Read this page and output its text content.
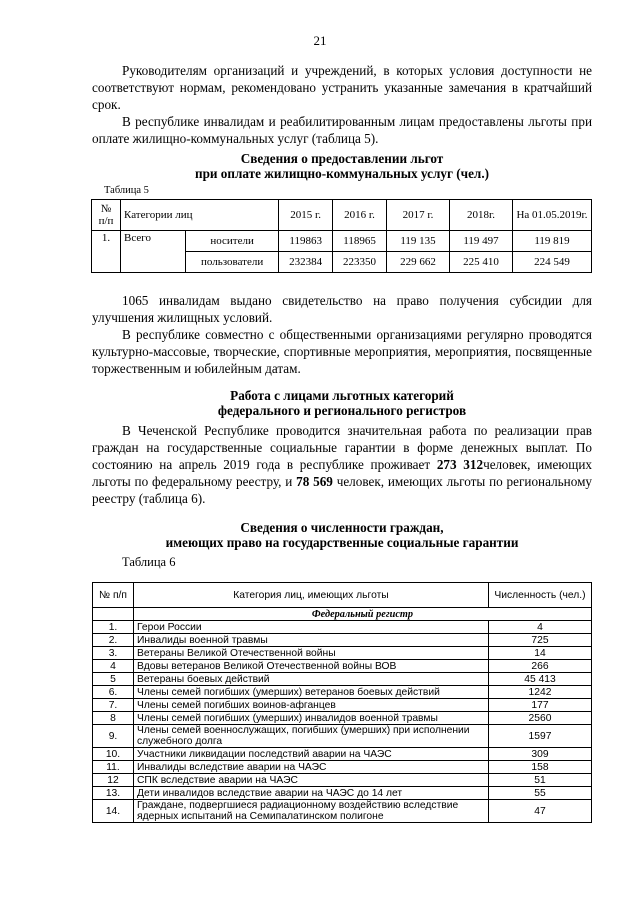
21

Руководителям организаций и учреждений, в которых условия доступности не соответствуют нормам, рекомендовано устранить указанные замечания в кратчайший срок.

В республике инвалидам и реабилитированным лицам предоставлены льготы при оплате жилищно-коммунальных услуг (таблица 5).

Сведения о предоставлении льгот
при оплате жилищно-коммунальных услуг (чел.)
Таблица 5
№ п/п	Категории лиц		2015 г.	2016 г.	2017 г.	2018г.	На 01.05.2019г.
1.	Всего	носители	119863	118965	119 135	119 497	119 819
		пользователи	232384	223350	229 662	225 410	224 549

1065 инвалидам выдано свидетельство на право получения субсидии для улучшения жилищных условий.

В республике совместно с общественными организациями регулярно проводятся культурно-массовые, творческие, спортивные мероприятия, мероприятия, посвященные торжественным и юбилейным датам.

Работа с лицами льготных категорий
федерального и регионального регистров

В Чеченской Республике проводится значительная работа по реализации прав граждан на государственные социальные гарантии в форме денежных выплат. По состоянию на апрель 2019 года в республике проживает 273 312человек, имеющих льготы по федеральному реестру, и 78 569 человек, имеющих льготы по региональному реестру (таблица 6).

Сведения о численности граждан,
имеющих право на государственные социальные гарантии
Таблица 6
№ п/п	Категория лиц, имеющих льготы	Численность (чел.)
	Федеральный регистр	
1.	Герои России	4
2.	Инвалиды военной травмы	725
3.	Ветераны Великой Отечественной войны	14
4	Вдовы ветеранов Великой Отечественной войны ВОВ	266
5	Ветераны боевых действий	45 413
6.	Члены семей погибших (умерших) ветеранов боевых действий	1242
7.	Члены семей погибших воинов-афганцев	177
8	Члены семей погибших (умерших) инвалидов военной травмы	2560
9.	Члены семей военнослужащих, погибших (умерших) при исполнении служебного долга	1597
10.	Участники ликвидации последствий аварии на ЧАЭС	309
11.	Инвалиды вследствие аварии на ЧАЭС	158
12	СПК вследствие аварии на ЧАЭС	51
13.	Дети инвалидов вследствие аварии на ЧАЭС до 14 лет	55
14.	Граждане, подвергшиеся радиационному воздействию вследствие ядерных испытаний на Семипалатинском полигоне	47
